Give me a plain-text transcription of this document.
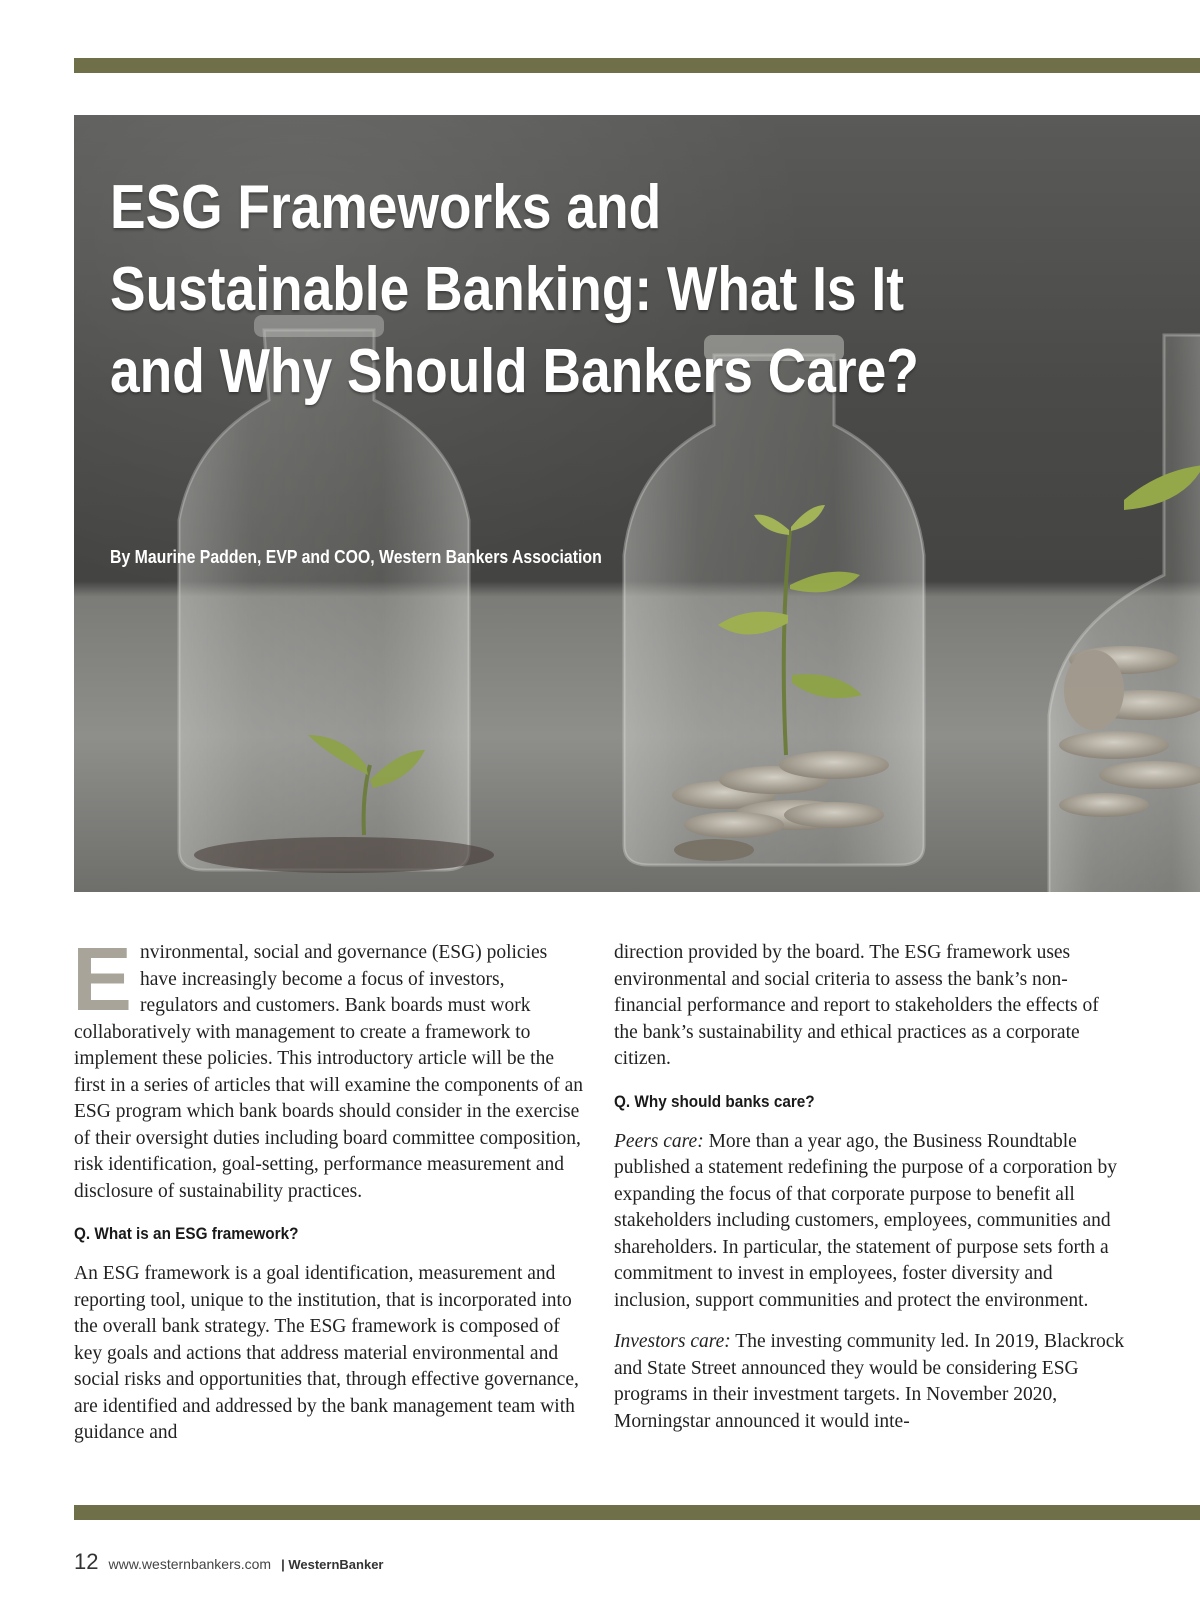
ESG Frameworks and Sustainable Banking: What Is It and Why Should Bankers Care?

By Maurine Padden, EVP and COO, Western Bankers Association

Environmental, social and governance (ESG) policies have increasingly become a focus of investors, regulators and customers. Bank boards must work collaboratively with management to create a framework to implement these policies. This introductory article will be the first in a series of articles that will examine the components of an ESG program which bank boards should consider in the exercise of their oversight duties including board committee composition, risk identification, goal-setting, performance measurement and disclosure of sustainability practices.

Q. What is an ESG framework?

An ESG framework is a goal identification, measurement and reporting tool, unique to the institution, that is incorporated into the overall bank strategy. The ESG framework is composed of key goals and actions that address material environmental and social risks and opportunities that, through effective governance, are identified and addressed by the bank management team with guidance and

direction provided by the board. The ESG framework uses environmental and social criteria to assess the bank’s non-financial performance and report to stakeholders the effects of the bank’s sustainability and ethical practices as a corporate citizen.

Q. Why should banks care?

Peers care: More than a year ago, the Business Roundtable published a statement redefining the purpose of a corporation by expanding the focus of that corporate purpose to benefit all stakeholders including customers, employees, communities and shareholders. In particular, the statement of purpose sets forth a commitment to invest in employees, foster diversity and inclusion, support communities and protect the environment.

Investors care: The investing community led. In 2019, Blackrock and State Street announced they would be considering ESG programs in their investment targets. In November 2020, Morningstar announced it would inte-

12 www.westernbankers.com | WesternBanker
